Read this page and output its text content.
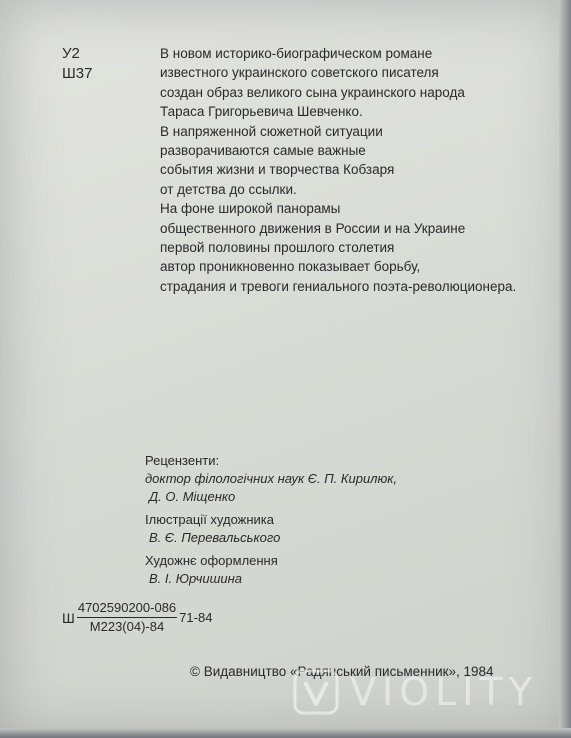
У2
Ш37
В новом историко-биографическом романе
известного украинского советского писателя
создан образ великого сына украинского народа
Тараса Григорьевича Шевченко.
В напряженной сюжетной ситуации
разворачиваются самые важные
события жизни и творчества Кобзаря
от детства до ссылки.
На фоне широкой панорамы
общественного движения в России и на Украине
первой половины прошлого столетия
автор проникновенно показывает борьбу,
страдания и тревоги гениального поэта-революционера.
Рецензенти:
доктор філологічних наук Є. П. Кирилюк,
Д. О. Міщенко
Ілюстрації художника
В. Є. Перевальського
Художнє оформлення
В. І. Юрчишина
Ш $\frac{4702590200-086}{М223(04)-84} 71-84$
© Видавництво «Радянський письменник», 1984
VIOLITY
